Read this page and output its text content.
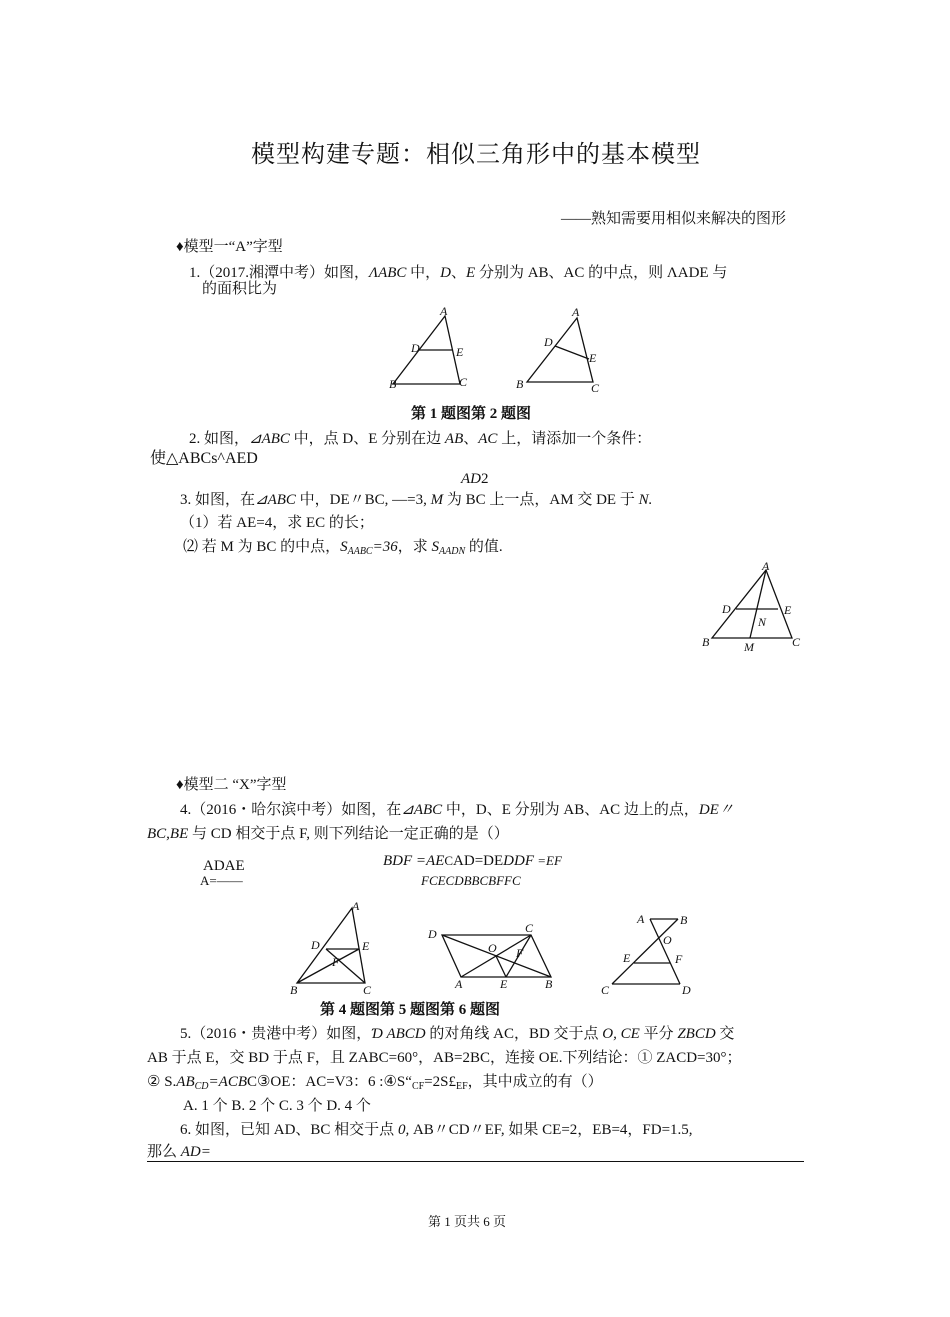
模型构建专题：相似三角形中的基本模型
——熟知需要用相似来解决的图形
♦模型一“A”字型
1.（2017.湘潭中考）如图，ΛABC 中，D、E 分别为 AB、AC 的中点，则 ΛADE 与
的面积比为
A
D	E
B	C
A
D
E
B	C
第 1 题图第 2 题图
2. 如图，⊿ABC 中，点 D、E 分别在边 AB、AC 上，请添加一个条件：
使△ABCs^AED
AD2
3. 如图，在⊿ABC 中，DE〃BC, —=3, M 为 BC 上一点，AM 交 DE 于 N.
（1）若 AE=4，求 EC 的长；
⑵ 若 M 为 BC 的中点，$S_{AABC}=36$，求 $S_{AADN}$ 的值.
A
D	E
N
B	M	C
♦模型二 “X”字型
4.（2016・哈尔滨中考）如图，在⊿ABC 中，D、E 分别为 AB、AC 边上的点，DE〃
BC,BE 与 CD 相交于点 F, 则下列结论一定正确的是（）
ADAE
A=——
BDF =AECAD=DEDDF =EF
FCECDBBCBFFC
A
D	E
F
B	C
D	C
O F
A	E	B
A	B
O
E	F
C	D
第 4 题图第 5 题图第 6 题图
5.（2016・贵港中考）如图，Ɗ ABCD 的对角线 AC，BD 交于点 O, CE 平分 ZBCD 交
AB 于点 E，交 BD 于点 F，且 ZABC=60°，AB=2BC，连接 OE.下列结论：① ZACD=30°；
② $S.AB_{CD}=ACBC③OE$：AC=V3：6 $:④S“_{CF}=2S£_{EF}$，其中成立的有（）
A. 1 个 B. 2 个 C. 3 个 D. 4 个
6. 如图，已知 AD、BC 相交于点 0, AB〃CD〃EF, 如果 CE=2，EB=4，FD=1.5,
那么 AD=
第 1 页共 6 页
